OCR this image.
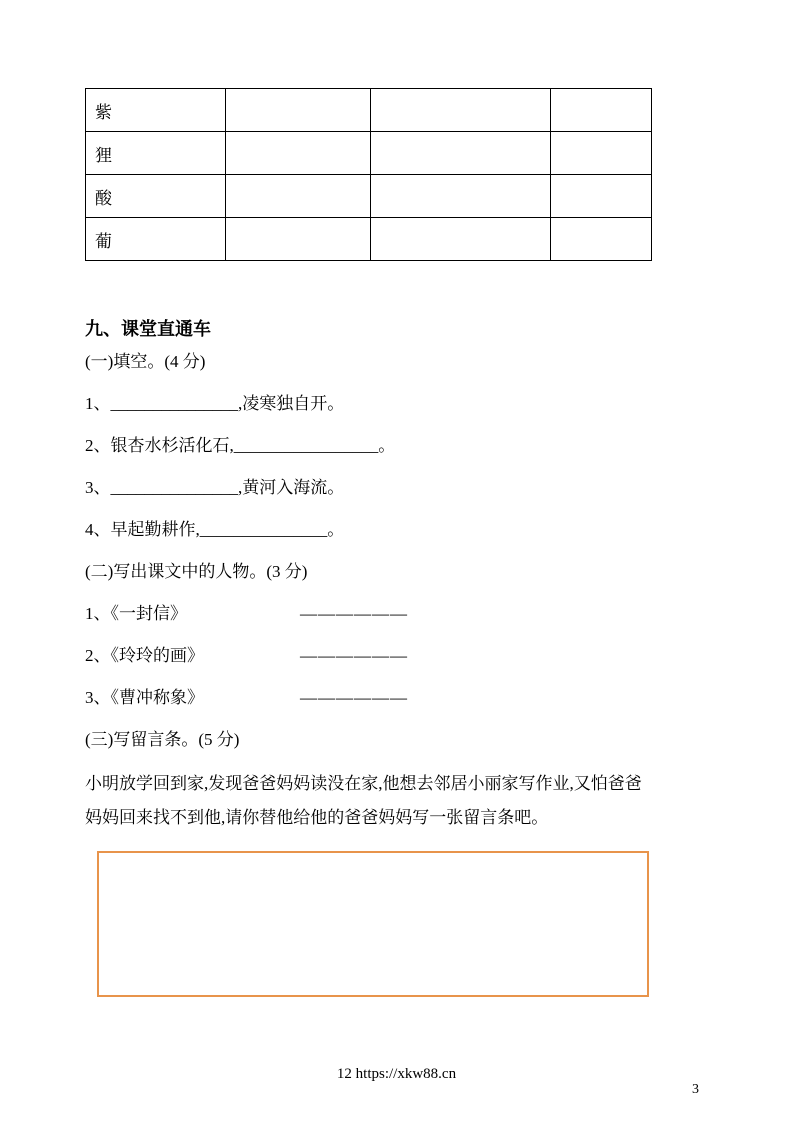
紫			
狸			
酸			
葡			
九、课堂直通车

(一)填空。(4 分)

1、_______________,凌寒独自开。

2、银杏水杉活化石,_________________。

3、_______________,黄河入海流。

4、早起勤耕作,_______________。

(二)写出课文中的人物。(3 分)

1、《一封信》	——————
2、《玲玲的画》	——————
3、《曹冲称象》	——————

(三)写留言条。(5 分)

小明放学回到家,发现爸爸妈妈读没在家,他想去邻居小丽家写作业,又怕爸爸妈妈回来找不到他,请你替他给他的爸爸妈妈写一张留言条吧。

12 https://xkw88.cn
3
